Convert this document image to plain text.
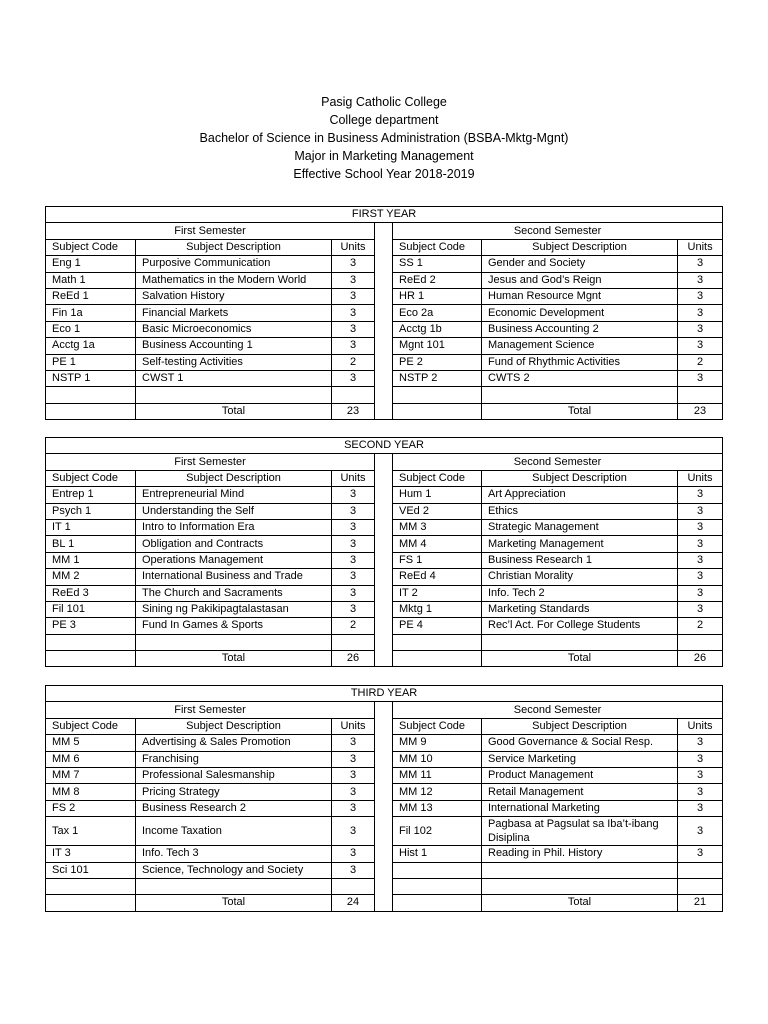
Pasig Catholic College
College department
Bachelor of Science in Business Administration (BSBA-Mktg-Mgnt)
Major in Marketing Management
Effective School Year 2018-2019
FIRST YEAR						
First Semester				Second Semester		
Subject Code	Subject Description	Units		Subject Code	Subject Description	Units
Eng 1	Purposive Communication	3		SS 1	Gender and Society	3
Math 1	Mathematics in the Modern World	3		ReEd 2	Jesus and God’s Reign	3
ReEd 1	Salvation History	3		HR 1	Human Resource Mgnt	3
Fin 1a	Financial Markets	3		Eco 2a	Economic Development	3
Eco 1	Basic Microeconomics	3		Acctg 1b	Business Accounting 2	3
Acctg 1a	Business Accounting 1	3		Mgnt 101	Management Science	3
PE 1	Self-testing Activities	2		PE 2	Fund of Rhythmic Activities	2
NSTP 1	CWST 1	3		NSTP 2	CWTS 2	3

	Total	23			Total	23
SECOND YEAR						
First Semester				Second Semester		
Subject Code	Subject Description	Units		Subject Code	Subject Description	Units
Entrep 1	Entrepreneurial Mind	3		Hum 1	Art Appreciation	3
Psych 1	Understanding the Self	3		VEd 2	Ethics	3
IT 1	Intro to Information Era	3		MM 3	Strategic Management	3
BL 1	Obligation and Contracts	3		MM 4	Marketing Management	3
MM 1	Operations Management	3		FS 1	Business Research 1	3
MM 2	International Business and Trade	3		ReEd 4	Christian Morality	3
ReEd 3	The Church and Sacraments	3		IT 2	Info. Tech 2	3
Fil 101	Sining ng Pakikipagtalastasan	3		Mktg 1	Marketing Standards	3
PE 3	Fund In Games & Sports	2		PE 4	Rec’l Act. For College Students	2

	Total	26			Total	26
THIRD YEAR						
First Semester				Second Semester		
Subject Code	Subject Description	Units		Subject Code	Subject Description	Units
MM 5	Advertising & Sales Promotion	3		MM 9	Good Governance & Social Resp.	3
MM 6	Franchising	3		MM 10	Service Marketing	3
MM 7	Professional Salesmanship	3		MM 11	Product Management	3
MM 8	Pricing Strategy	3		MM 12	Retail Management	3
FS 2	Business Research 2	3		MM 13	International Marketing	3
Tax 1	Income Taxation	3		Fil 102	Pagbasa at Pagsulat sa Iba’t-ibang Disiplina	3
IT 3	Info. Tech 3	3		Hist 1	Reading in Phil. History	3
Sci 101	Science, Technology and Society	3				

	Total	24			Total	21
